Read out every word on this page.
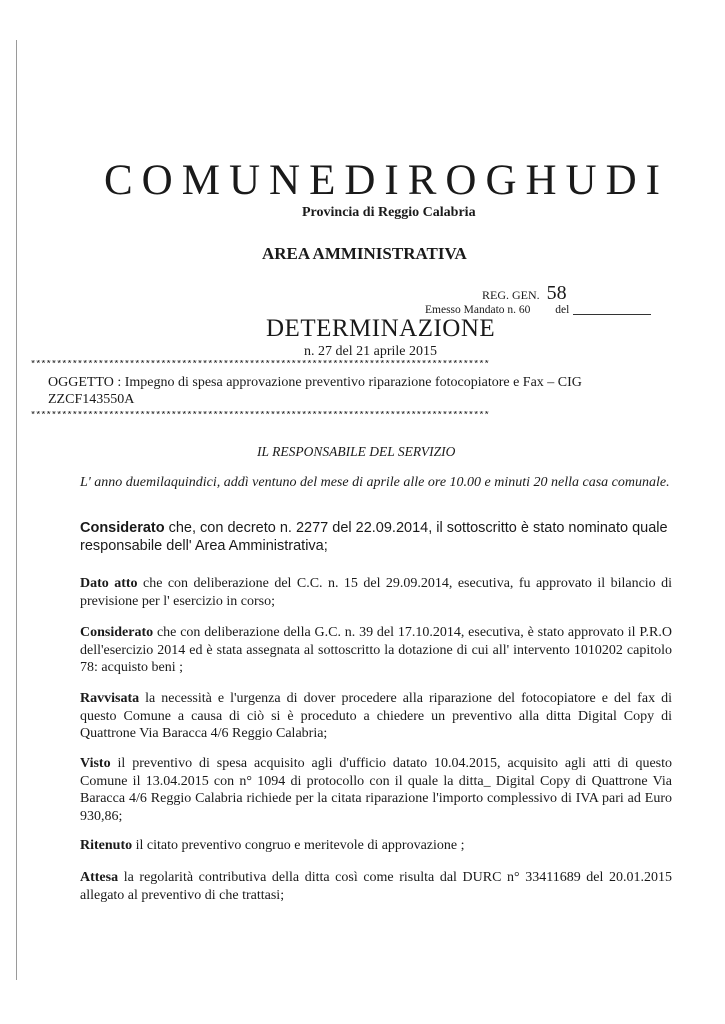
COMUNEDIROGHUDI
Provincia di Reggio Calabria
AREA AMMINISTRATIVA
REG. GEN. 58
Emesso Mandato n. 60 del
DETERMINAZIONE
n. 27 del 21 aprile 2015
****************************************************************************************
OGGETTO : Impegno di spesa approvazione preventivo riparazione fotocopiatore e Fax – CIG
ZZCF143550A
****************************************************************************************
IL RESPONSABILE DEL SERVIZIO
L' anno duemilaquindici, addì ventuno del mese di aprile alle ore 10.00 e minuti 20 nella casa comunale.
Considerato che, con decreto n. 2277 del 22.09.2014, il sottoscritto è stato nominato quale responsabile dell' Area Amministrativa;
Dato atto che con deliberazione del C.C. n. 15 del 29.09.2014, esecutiva, fu approvato il bilancio di previsione per l' esercizio in corso;
Considerato che con deliberazione della G.C. n. 39 del 17.10.2014, esecutiva, è stato approvato il P.R.O dell'esercizio 2014 ed è stata assegnata al sottoscritto la dotazione di cui all' intervento 1010202 capitolo 78: acquisto beni ;
Ravvisata la necessità e l'urgenza di dover procedere alla riparazione del fotocopiatore e del fax di questo Comune a causa di ciò si è proceduto a chiedere un preventivo alla ditta Digital Copy di Quattrone Via Baracca 4/6 Reggio Calabria;
Visto il preventivo di spesa acquisito agli d'ufficio datato 10.04.2015, acquisito agli atti di questo Comune il 13.04.2015 con n° 1094 di protocollo con il quale la ditta_ Digital Copy di Quattrone Via Baracca 4/6 Reggio Calabria richiede per la citata riparazione l'importo complessivo di IVA pari ad Euro 930,86;
Ritenuto il citato preventivo congruo e meritevole di approvazione ;
Attesa la regolarità contributiva della ditta così come risulta dal DURC n° 33411689 del 20.01.2015 allegato al preventivo di che trattasi;
